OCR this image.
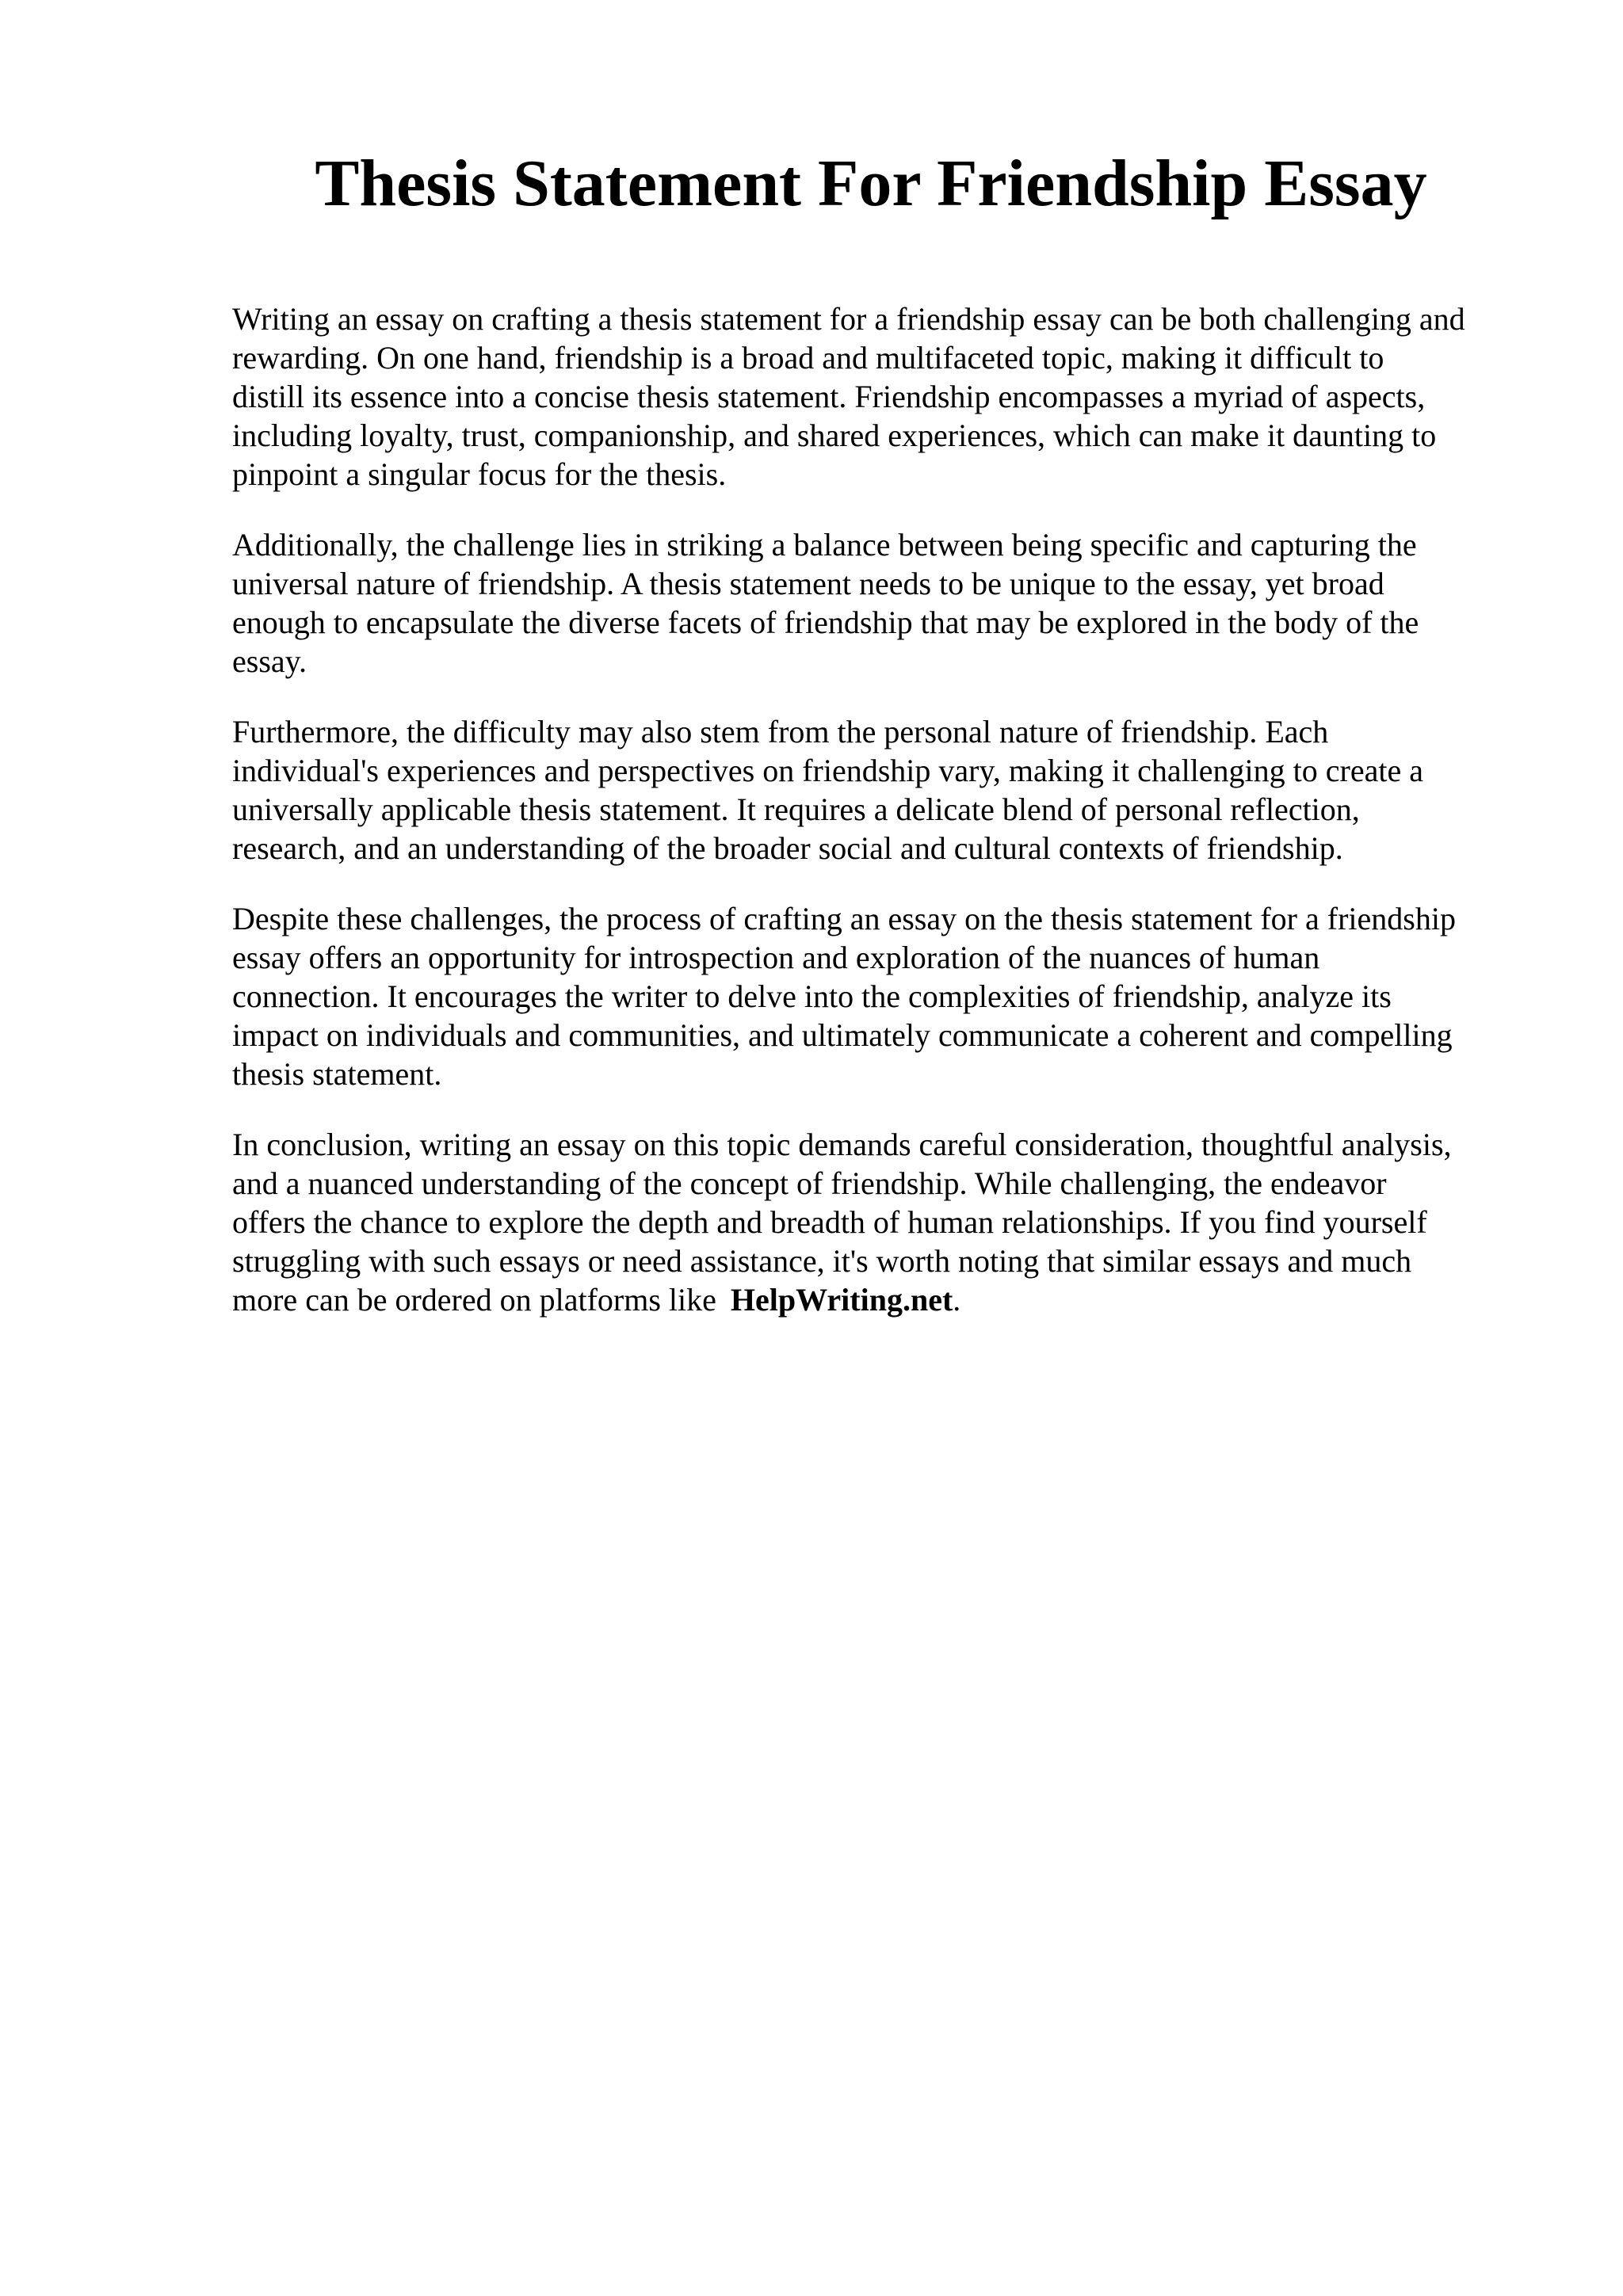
Thesis Statement For Friendship Essay

Writing an essay on crafting a thesis statement for a friendship essay can be both challenging and
rewarding. On one hand, friendship is a broad and multifaceted topic, making it difficult to
distill its essence into a concise thesis statement. Friendship encompasses a myriad of aspects,
including loyalty, trust, companionship, and shared experiences, which can make it daunting to
pinpoint a singular focus for the thesis.

Additionally, the challenge lies in striking a balance between being specific and capturing the
universal nature of friendship. A thesis statement needs to be unique to the essay, yet broad
enough to encapsulate the diverse facets of friendship that may be explored in the body of the
essay.

Furthermore, the difficulty may also stem from the personal nature of friendship. Each
individual's experiences and perspectives on friendship vary, making it challenging to create a
universally applicable thesis statement. It requires a delicate blend of personal reflection,
research, and an understanding of the broader social and cultural contexts of friendship.

Despite these challenges, the process of crafting an essay on the thesis statement for a friendship
essay offers an opportunity for introspection and exploration of the nuances of human
connection. It encourages the writer to delve into the complexities of friendship, analyze its
impact on individuals and communities, and ultimately communicate a coherent and compelling
thesis statement.

In conclusion, writing an essay on this topic demands careful consideration, thoughtful analysis,
and a nuanced understanding of the concept of friendship. While challenging, the endeavor
offers the chance to explore the depth and breadth of human relationships. If you find yourself
struggling with such essays or need assistance, it's worth noting that similar essays and much
more can be ordered on platforms like HelpWriting.net.
